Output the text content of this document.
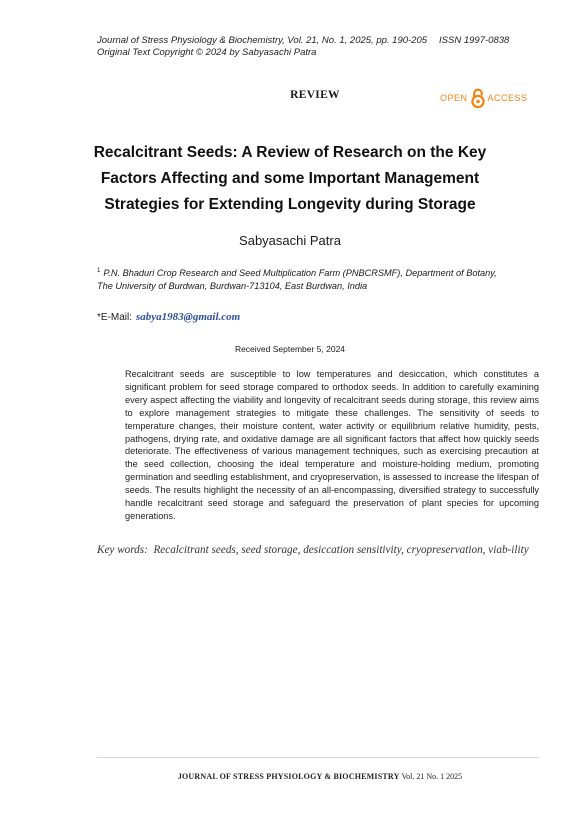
Journal of Stress Physiology & Biochemistry, Vol. 21, No. 1, 2025, pp. 190-205 ISSN 1997-0838
Original Text Copyright © 2024 by Sabyasachi Patra
REVIEW	OPEN ACCESS
Recalcitrant Seeds: A Review of Research on the Key Factors Affecting and some Important Management Strategies for Extending Longevity during Storage
Sabyasachi Patra
$^1$ P.N. Bhaduri Crop Research and Seed Multiplication Farm (PNBCRSMF), Department of Botany,
The University of Burdwan, Burdwan-713104, East Burdwan, India
*E-Mail: sabya1983@gmail.com
Received September 5, 2024
Recalcitrant seeds are susceptible to low temperatures and desiccation, which constitutes a significant problem for seed storage compared to orthodox seeds. In addition to carefully examining every aspect affecting the viability and longevity of recalcitrant seeds during storage, this review aims to explore management strategies to mitigate these challenges. The sensitivity of seeds to temperature changes, their moisture content, water activity or equilibrium relative humidity, pests, pathogens, drying rate, and oxidative damage are all significant factors that affect how quickly seeds deteriorate. The effectiveness of various management techniques, such as exercising precaution at the seed collection, choosing the ideal temperature and moisture-holding medium, promoting germination and seedling establishment, and cryopreservation, is assessed to increase the lifespan of seeds. The results highlight the necessity of an all-encompassing, diversified strategy to successfully handle recalcitrant seed storage and safeguard the preservation of plant species for upcoming generations.
Key words: Recalcitrant seeds, seed storage, desiccation sensitivity, cryopreservation, viab-ility
JOURNAL OF STRESS PHYSIOLOGY & BIOCHEMISTRY Vol. 21 No. 1 2025
